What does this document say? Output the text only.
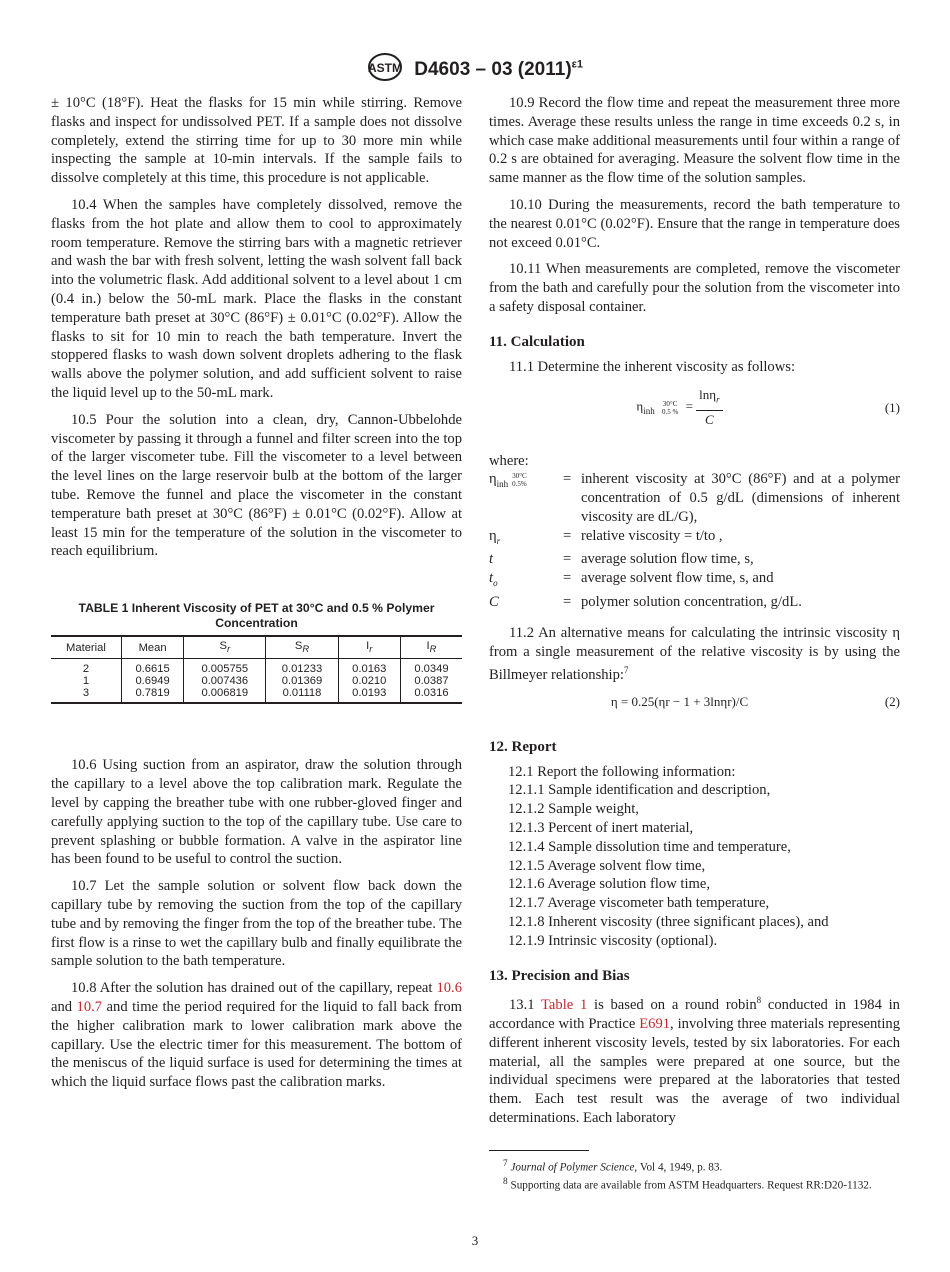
ASTM D4603 – 03 $(2011)^{\varepsilon 1}$

± 10°C (18°F). Heat the flasks for 15 min while stirring. Remove flasks and inspect for undissolved PET. If a sample does not dissolve completely, extend the stirring time for up to 30 more min while inspecting the sample at 10-min intervals. If the sample fails to dissolve completely at this time, this procedure is not applicable.

10.4 When the samples have completely dissolved, remove the flasks from the hot plate and allow them to cool to approximately room temperature. Remove the stirring bars with a magnetic retriever and wash the bar with fresh solvent, letting the wash solvent fall back into the volumetric flask. Add additional solvent to a level about 1 cm (0.4 in.) below the 50-mL mark. Place the flasks in the constant temperature bath preset at 30°C (86°F) ± 0.01°C (0.02°F). Allow the flasks to sit for 10 min to reach the bath temperature. Invert the stoppered flasks to wash down solvent droplets adhering to the flask walls above the polymer solution, and add sufficient solvent to raise the liquid level up to the 50-mL mark.

10.5 Pour the solution into a clean, dry, Cannon-Ubbelohde viscometer by passing it through a funnel and filter screen into the top of the larger viscometer tube. Fill the viscometer to a level between the level lines on the large reservoir bulb at the bottom of the larger tube. Remove the funnel and place the viscometer in the constant temperature bath preset at 30°C (86°F) ± 0.01°C (0.02°F). Allow at least 15 min for the temperature of the solution in the viscometer to reach equilibrium.

TABLE 1 Inherent Viscosity of PET at 30°C and 0.5 % Polymer Concentration
Material	Mean	$S_r$	$S_R$	$I_r$	$I_R$
2	0.6615	0.005755	0.01233	0.0163	0.0349
1	0.6949	0.007436	0.01369	0.0210	0.0387
3	0.7819	0.006819	0.01118	0.0193	0.0316

10.6 Using suction from an aspirator, draw the solution through the capillary to a level above the top calibration mark. Regulate the level by capping the breather tube with one rubber-gloved finger and carefully applying suction to the top of the capillary tube. Use care to prevent splashing or bubble formation. A valve in the aspirator line has been found to be useful to control the suction.

10.7 Let the sample solution or solvent flow back down the capillary tube by removing the suction from the top of the capillary tube and by removing the finger from the top of the breather tube. The first flow is a rinse to wet the capillary bulb and finally equilibrate the sample solution to the bath temperature.

10.8 After the solution has drained out of the capillary, repeat 10.6 and 10.7 and time the period required for the liquid to fall back from the higher calibration mark to lower calibration mark above the capillary. Use the electric timer for this measurement. The bottom of the meniscus of the liquid surface is used for determining the times at which the liquid surface flows past the calibration marks.

10.9 Record the flow time and repeat the measurement three more times. Average these results unless the range in time exceeds 0.2 s, in which case make additional measurements until four within a range of 0.2 s are obtained for averaging. Measure the solvent flow time in the same manner as the flow time of the solution samples.

10.10 During the measurements, record the bath temperature to the nearest 0.01°C (0.02°F). Ensure that the range in temperature does not exceed 0.01°C.

10.11 When measurements are completed, remove the viscometer from the bath and carefully pour the solution from the viscometer into a safety disposal container.

11. Calculation

11.1 Determine the inherent viscosity as follows:

$\eta_{inh}$ 30°C
0.5 % = $\frac{\ln\eta_r}{C}$	(1)

where:

$\eta_{inh}30^\circ C$
0.5%	= inherent viscosity at 30°C (86°F) and at a polymer concentration of 0.5 g/dL (dimensions of inherent viscosity are dL/G),
$\eta_r$	= relative viscosity = t/to ,
t	= average solution flow time, s,
$t_o$	= average solvent flow time, s, and
C	= polymer solution concentration, g/dL.

11.2 An alternative means for calculating the intrinsic viscosity η from a single measurement of the relative viscosity is by using the Billmeyer relationship:$^7$

η = 0.25(ηr − 1 + 3lnηr)/C	(2)
12. Report
12.1 Report the following information:
12.1.1 Sample identification and description,
12.1.2 Sample weight,
12.1.3 Percent of inert material,
12.1.4 Sample dissolution time and temperature,
12.1.5 Average solvent flow time,
12.1.6 Average solution flow time,
12.1.7 Average viscometer bath temperature,
12.1.8 Inherent viscosity (three significant places), and
12.1.9 Intrinsic viscosity (optional).
13. Precision and Bias

13.1 Table 1 is based on a round robin$^8$ conducted in 1984 in accordance with Practice E691, involving three materials representing different inherent viscosity levels, tested by six laboratories. For each material, all the samples were prepared at one source, but the individual specimens were prepared at the laboratories that tested them. Each test result was the average of two individual determinations. Each laboratory

$^7$ Journal of Polymer Science, Vol 4, 1949, p. 83.

$^8$ Supporting data are available from ASTM Headquarters. Request RR:D20-1132.

3
